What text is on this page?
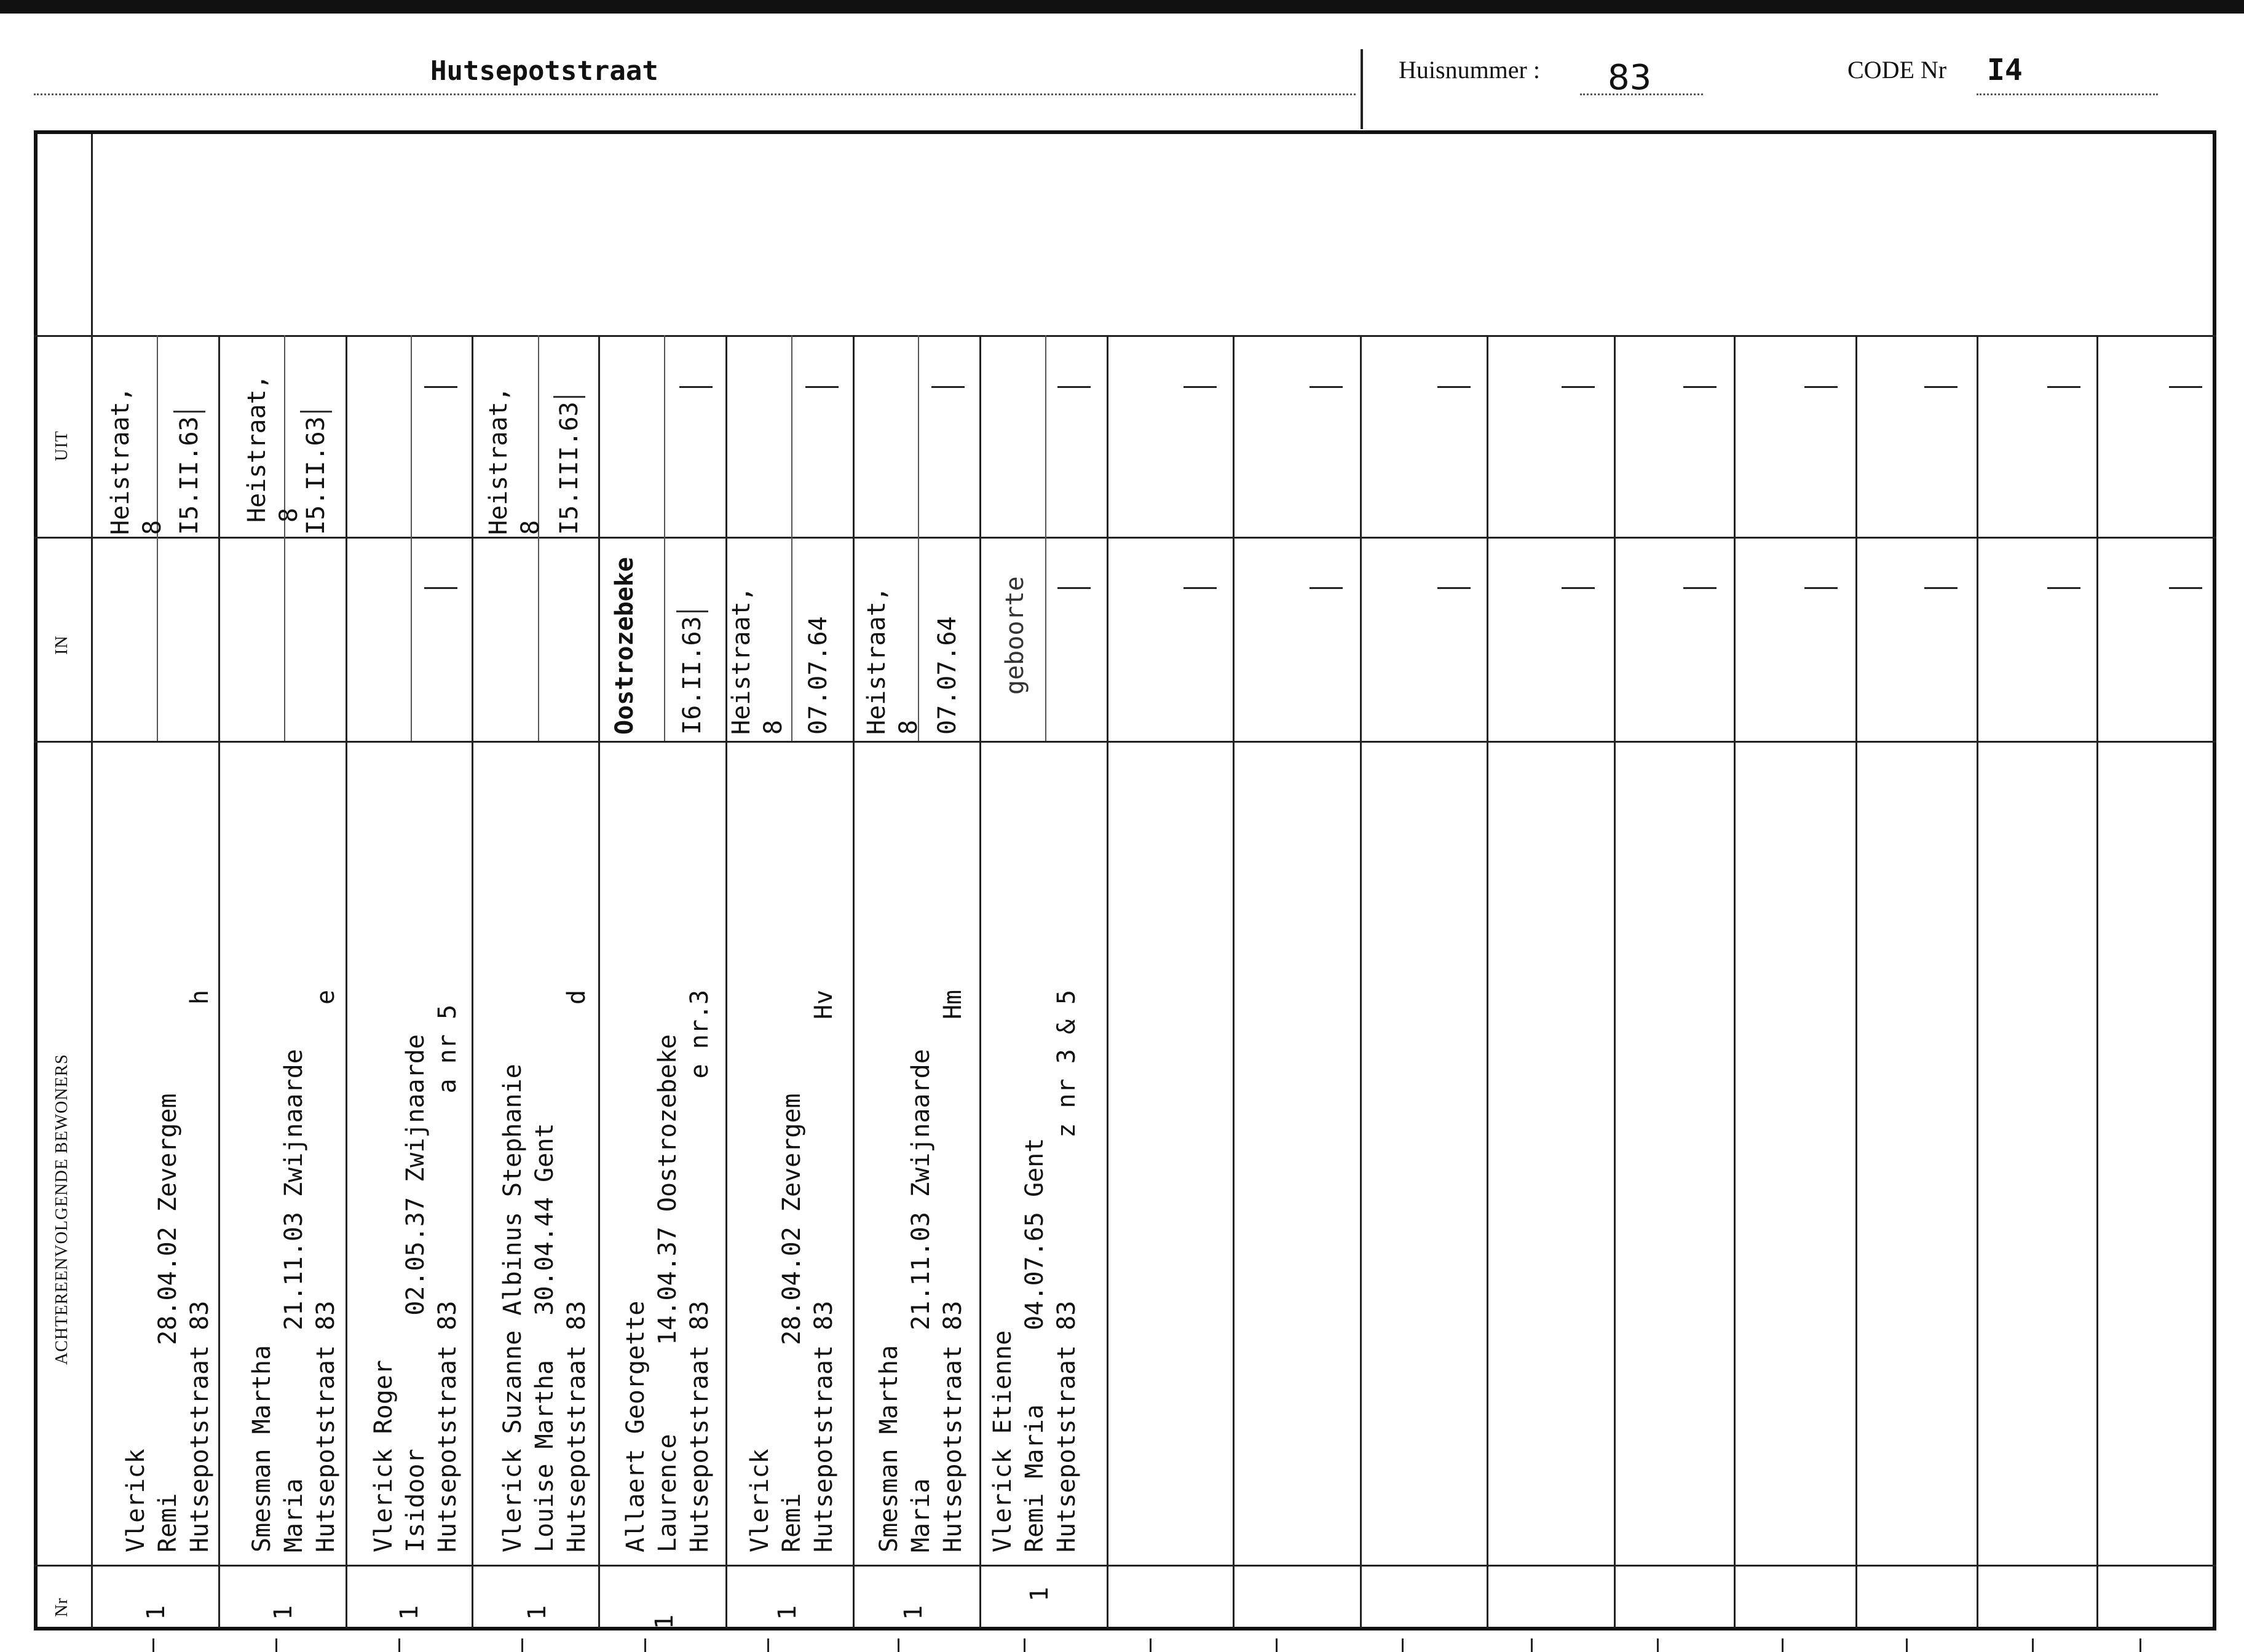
Hutsepotstraat	Huisnummer : 83	CODE Nr I4
UIT
IN
ACHTEREENVOLGENDE BEWONERS
Nr
Vlerick
Remi          28.04.02 Zevergem
Hutsepotstraat 83                    h
1
Heistraat,
8 I5.II.63
Smesman Martha
Maria          21.11.03 Zwijnaarde
Hutsepotstraat 83                    e
1
Heistraat,
8
I5.II.63
Vlerick Roger
Isidoor         02.05.37 Zwijnaarde
Hutsepotstraat 83              a nr 5
1
Vlerick Suzanne Albinus Stephanie
Louise Martha   30.04.44 Gent
Hutsepotstraat 83                    d
1
Heistraat,
8 I5.III.63
Allaert Georgette
Laurence      14.04.37 Oostrozebeke
Hutsepotstraat 83               e nr.3
1
Oostrozebeke I6.II.63
Vlerick
Remi          28.04.02 Zevergem
Hutsepotstraat 83                   Hv
1
Heistraat,
8 07.07.64
Smesman Martha
Maria          21.11.03 Zwijnaarde
Hutsepotstraat 83                   Hm
1
Heistraat,
8 07.07.64
Vlerick Etienne
Remi Maria     04.07.65 Gent
Hutsepotstraat 83           z nr 3 & 5
1
geboorte
